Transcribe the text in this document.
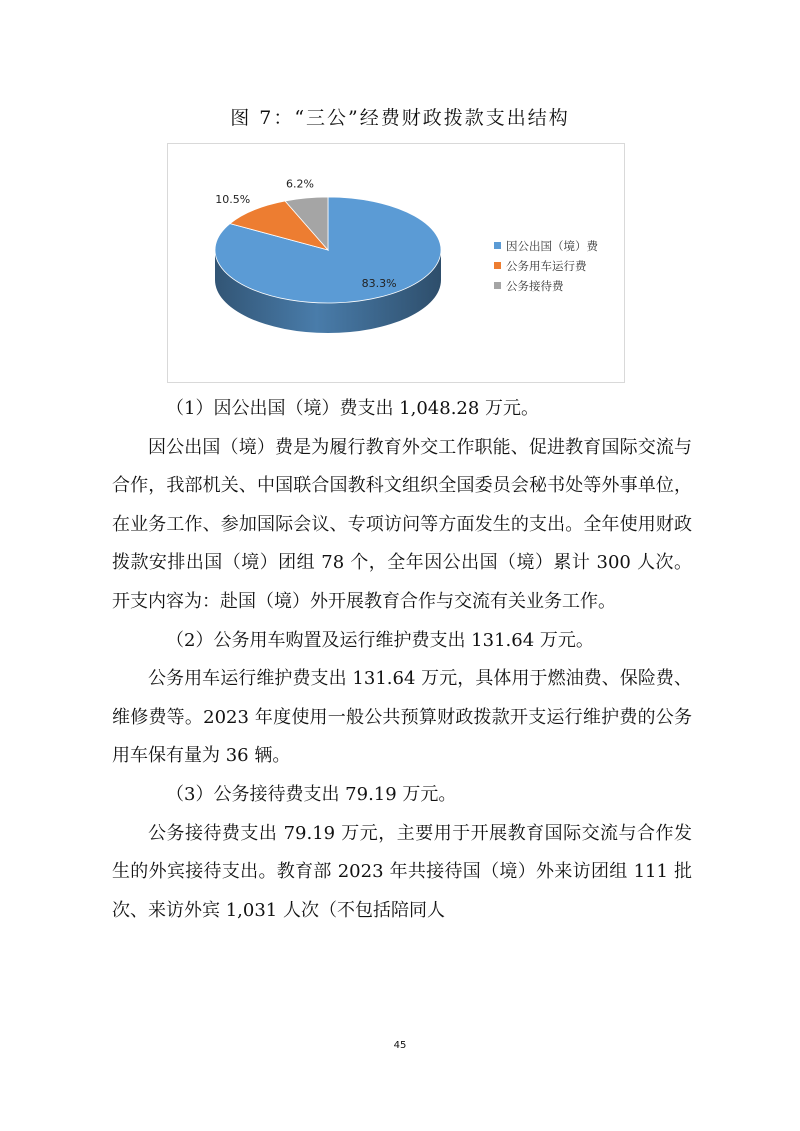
图 7：“三公”经费财政拨款支出结构
83.3%
10.5%
6.2%
因公出国（境）费
公务用车运行费
公务接待费

（1）因公出国（境）费支出 1,048.28 万元。

因公出国（境）费是为履行教育外交工作职能、促进教育国际交流与合作，我部机关、中国联合国教科文组织全国委员会秘书处等外事单位，在业务工作、参加国际会议、专项访问等方面发生的支出。全年使用财政拨款安排出国（境）团组 78 个，全年因公出国（境）累计 300 人次。开支内容为：赴国（境）外开展教育合作与交流有关业务工作。

（2）公务用车购置及运行维护费支出 131.64 万元。

公务用车运行维护费支出 131.64 万元，具体用于燃油费、保险费、维修费等。2023 年度使用一般公共预算财政拨款开支运行维护费的公务用车保有量为 36 辆。

（3）公务接待费支出 79.19 万元。

公务接待费支出 79.19 万元，主要用于开展教育国际交流与合作发生的外宾接待支出。教育部 2023 年共接待国（境）外来访团组 111 批次、来访外宾 1,031 人次（不包括陪同人

45
